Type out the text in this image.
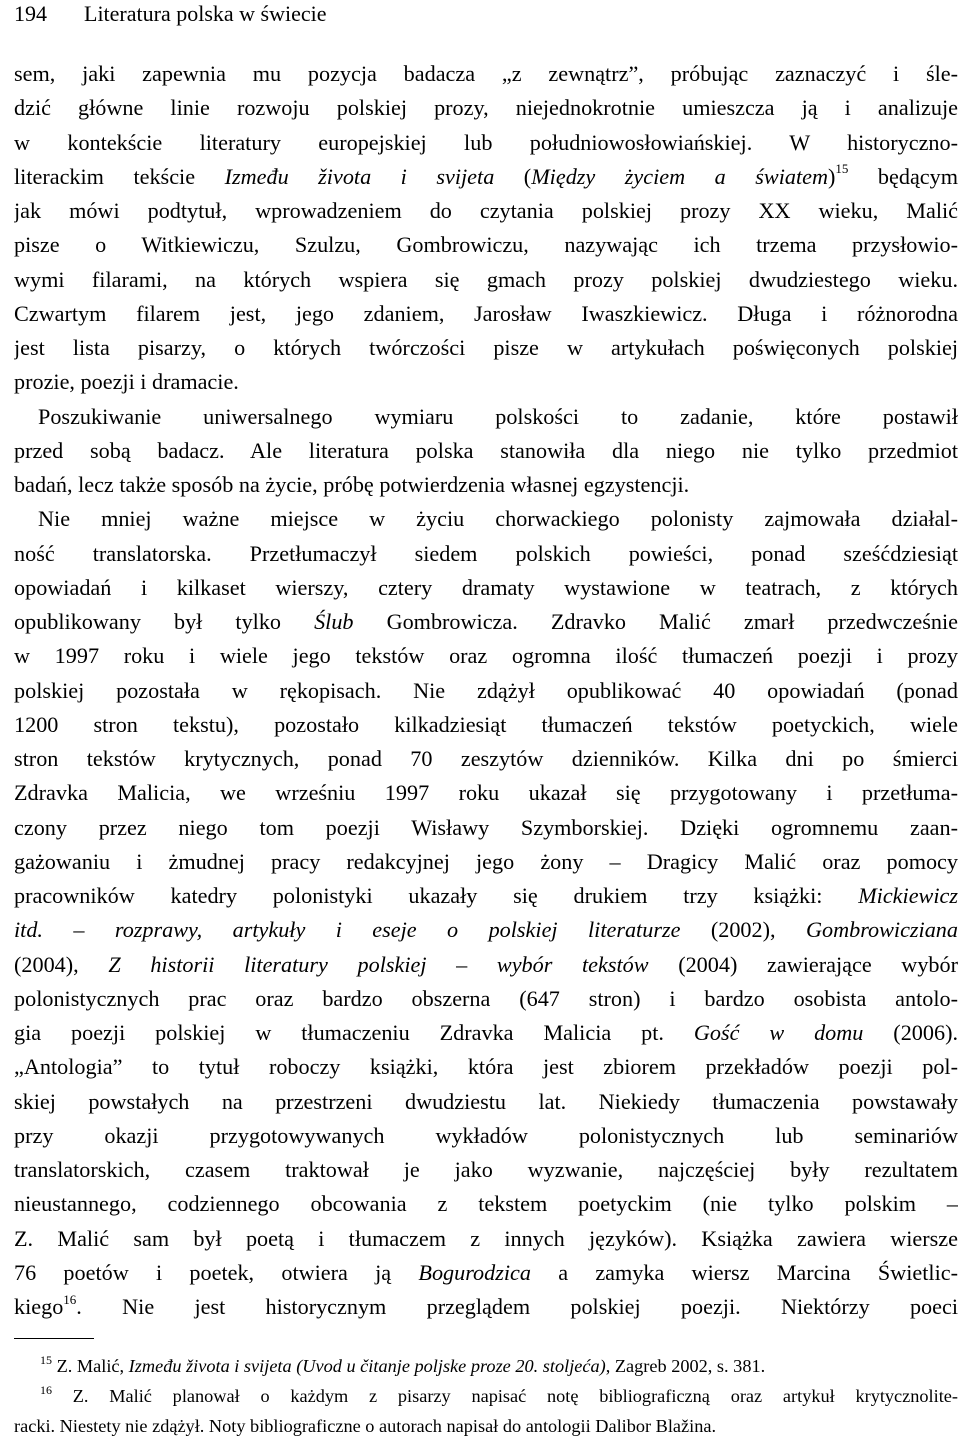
194 Literatura polska w świecie
sem, jaki zapewnia mu pozycja badacza „z zewnątrz”, próbując zaznaczyć i śle-
dzić główne linie rozwoju polskiej prozy, niejednokrotnie umieszcza ją i analizuje
w kontekście literatury europejskiej lub południowosłowiańskiej. W historyczno-
literackim tekście Između života i svijeta (Między życiem a światem)$^{15}$ będącym
jak mówi podtytuł, wprowadzeniem do czytania polskiej prozy XX wieku, Malić
pisze o Witkiewiczu, Szulzu, Gombrowiczu, nazywając ich trzema przysłowio-
wymi filarami, na których wspiera się gmach prozy polskiej dwudziestego wieku.
Czwartym filarem jest, jego zdaniem, Jarosław Iwaszkiewicz. Długa i różnorodna
jest lista pisarzy, o których twórczości pisze w artykułach poświęconych polskiej
prozie, poezji i dramacie.
Poszukiwanie uniwersalnego wymiaru polskości to zadanie, które postawił
przed sobą badacz. Ale literatura polska stanowiła dla niego nie tylko przedmiot
badań, lecz także sposób na życie, próbę potwierdzenia własnej egzystencji.
Nie mniej ważne miejsce w życiu chorwackiego polonisty zajmowała działal-
ność translatorska. Przetłumaczył siedem polskich powieści, ponad sześćdziesiąt
opowiadań i kilkaset wierszy, cztery dramaty wystawione w teatrach, z których
opublikowany był tylko Ślub Gombrowicza. Zdravko Malić zmarł przedwcześnie
w 1997 roku i wiele jego tekstów oraz ogromna ilość tłumaczeń poezji i prozy
polskiej pozostała w rękopisach. Nie zdążył opublikować 40 opowiadań (ponad
1200 stron tekstu), pozostało kilkadziesiąt tłumaczeń tekstów poetyckich, wiele
stron tekstów krytycznych, ponad 70 zeszytów dzienników. Kilka dni po śmierci
Zdravka Malicia, we wrześniu 1997 roku ukazał się przygotowany i przetłuma-
czony przez niego tom poezji Wisławy Szymborskiej. Dzięki ogromnemu zaan-
gażowaniu i żmudnej pracy redakcyjnej jego żony – Dragicy Malić oraz pomocy
pracowników katedry polonistyki ukazały się drukiem trzy książki: Mickiewicz
itd. – rozprawy, artykuły i eseje o polskiej literaturze (2002), Gombrowicziana
(2004), Z historii literatury polskiej – wybór tekstów (2004) zawierające wybór
polonistycznych prac oraz bardzo obszerna (647 stron) i bardzo osobista antolo-
gia poezji polskiej w tłumaczeniu Zdravka Malicia pt. Gość w domu (2006).
„Antologia” to tytuł roboczy książki, która jest zbiorem przekładów poezji pol-
skiej powstałych na przestrzeni dwudziestu lat. Niekiedy tłumaczenia powstawały
przy okazji przygotowywanych wykładów polonistycznych lub seminariów
translatorskich, czasem traktował je jako wyzwanie, najczęściej były rezultatem
nieustannego, codziennego obcowania z tekstem poetyckim (nie tylko polskim –
Z. Malić sam był poetą i tłumaczem z innych języków). Książka zawiera wiersze
76 poetów i poetek, otwiera ją Bogurodzica a zamyka wiersz Marcina Świetlic-
kiego$^{16}$. Nie jest historycznym przeglądem polskiej poezji. Niektórzy poeci
$^{15}$ Z. Malić, Između života i svijeta (Uvod u čitanje poljske proze 20. stoljeća), Zagreb 2002, s. 381.
$^{16}$ Z. Malić planował o każdym z pisarzy napisać notę bibliograficzną oraz artykuł krytycznolite-
racki. Niestety nie zdążył. Noty bibliograficzne o autorach napisał do antologii Dalibor Blažina.
